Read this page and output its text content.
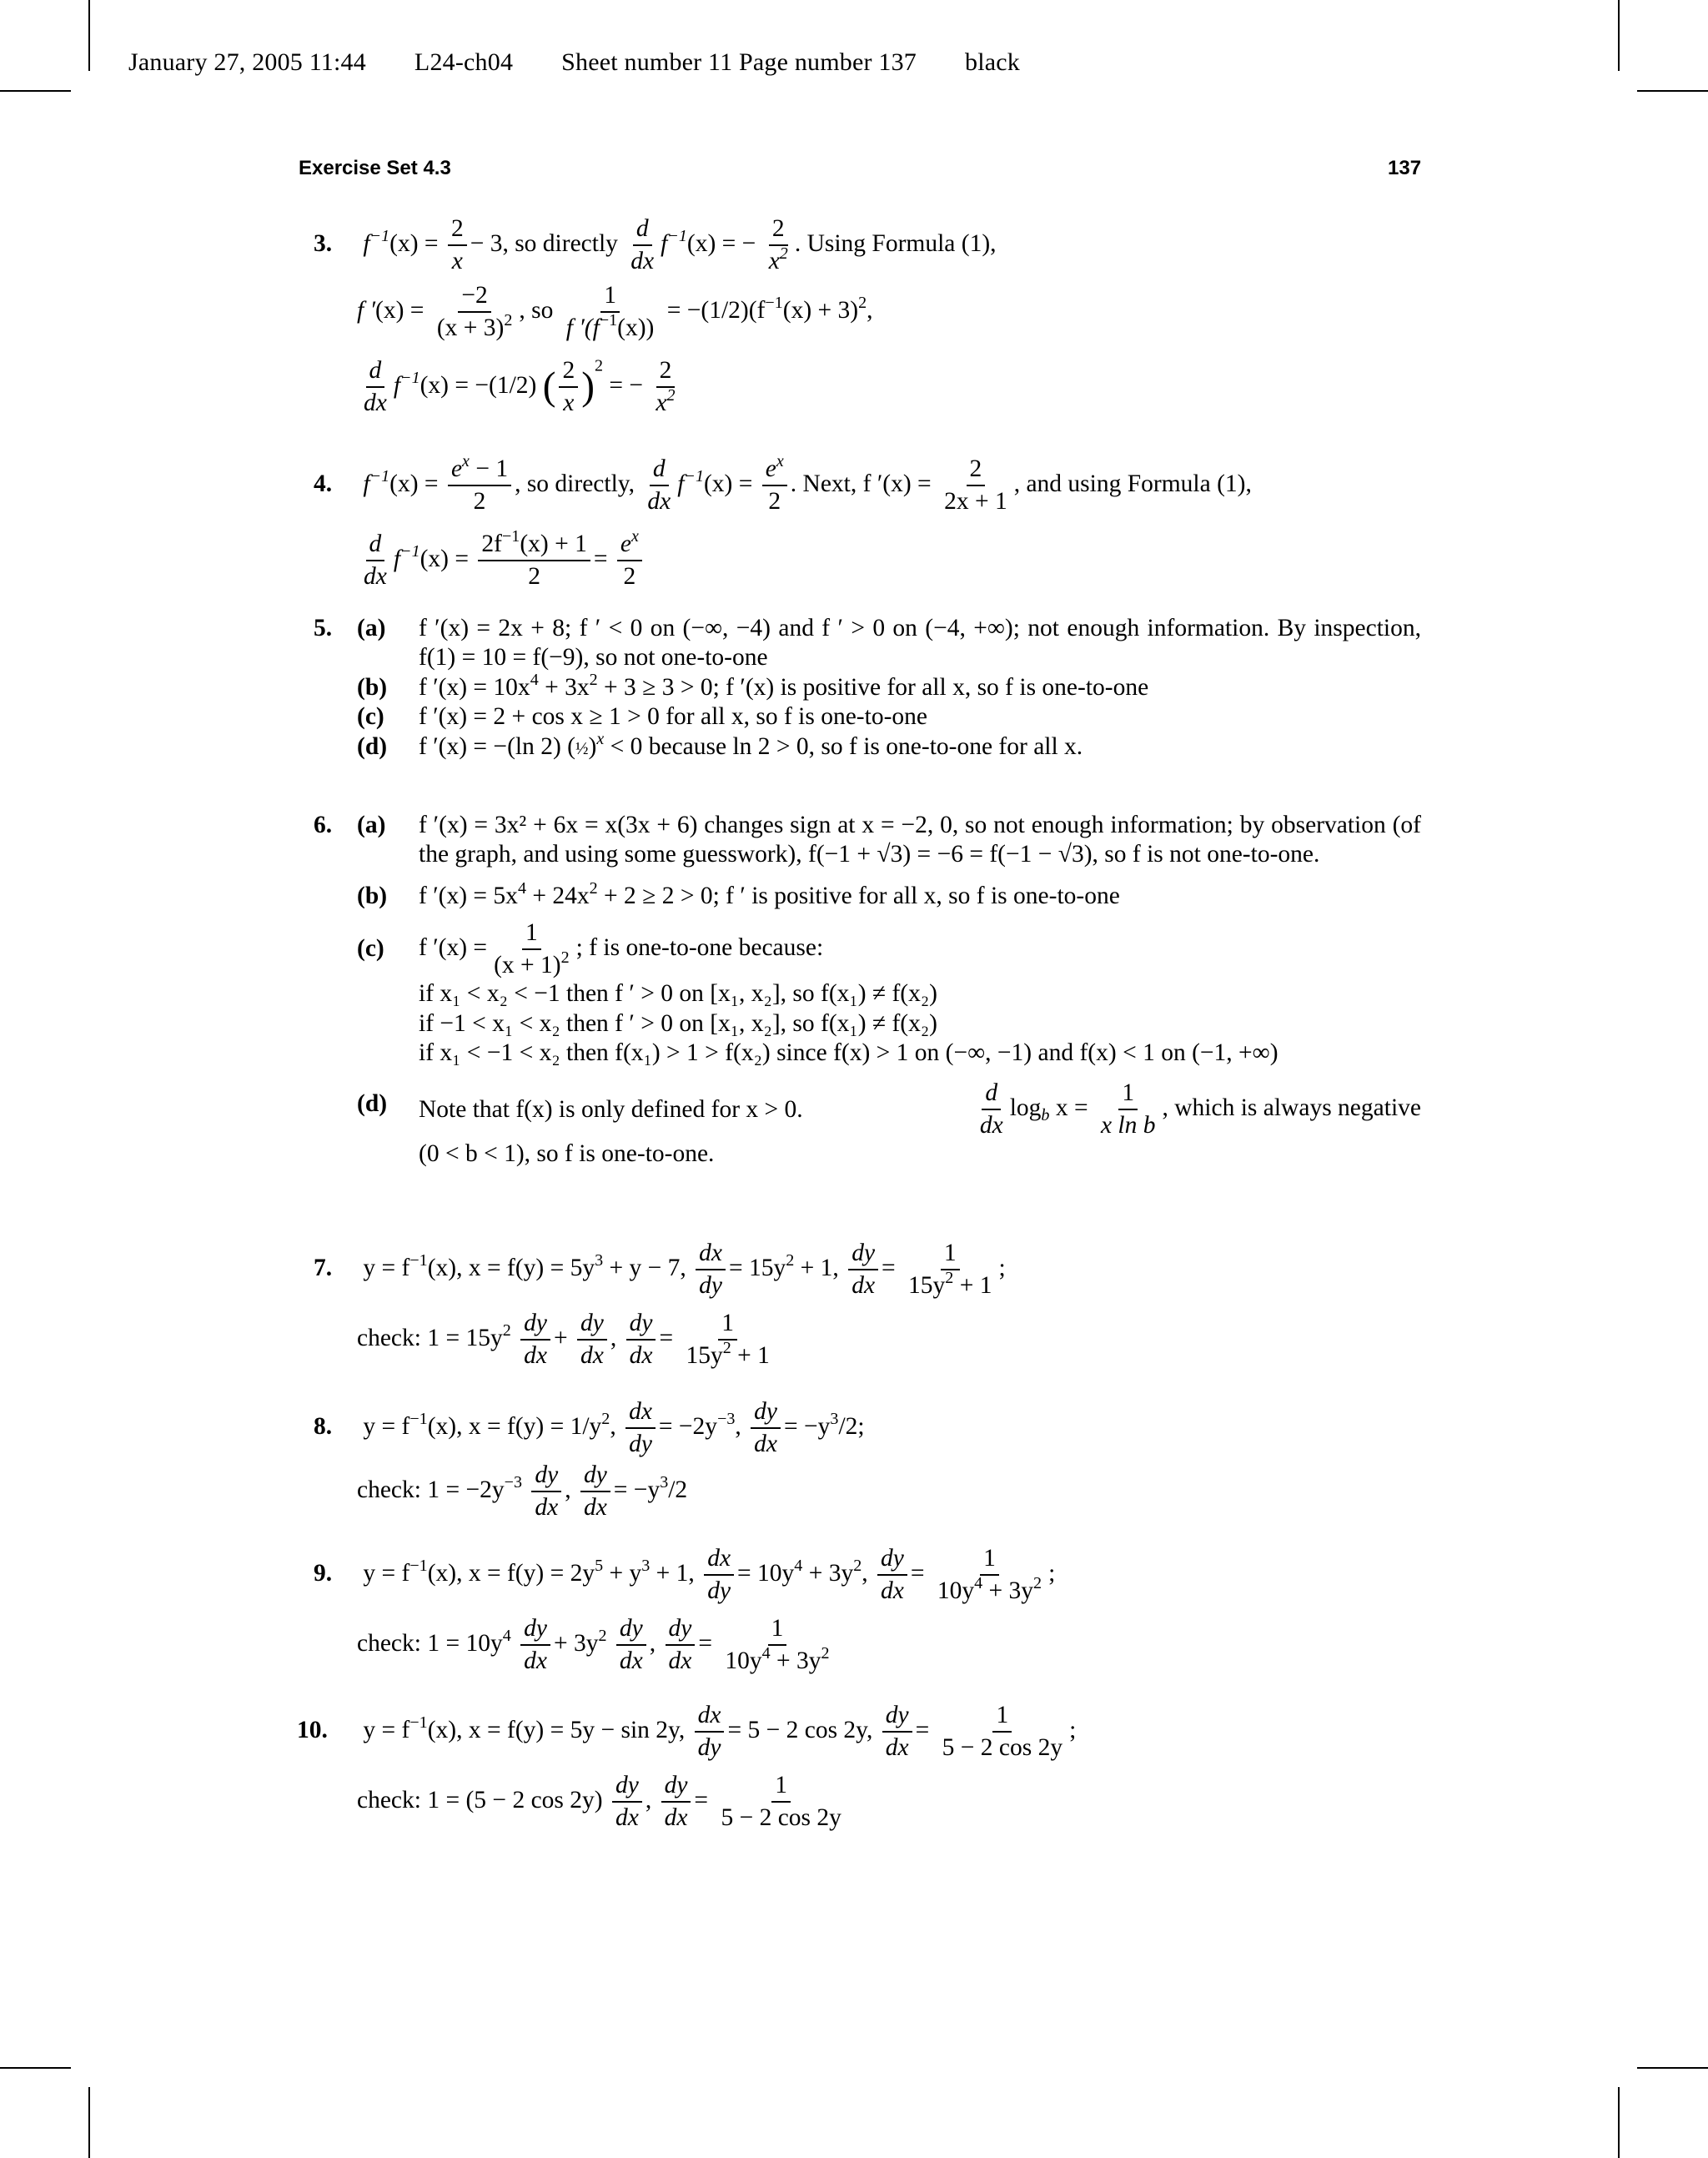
January 27, 2005 11:44 L24-ch04 Sheet number 11 Page number 137 black
Exercise Set 4.3	137
3. $f^{-1}(x) = \frac{2}{x} - 3$, so directly $\frac{d}{dx} f^{-1}(x)$ = − $\frac{2}{x^2}$ . Using Formula (1),
f $'(x) = \frac{-2}{(x + 3)^2}$ , so $\frac{1}{f '(f^{-1}(x))} = -(1/2)(f^{-1}(x) + 3)^2$,
$\frac{d}{dx} f^{-1}(x) = -(1/2)$ ( $\frac{2}{x} )^2$ = − $\frac{2}{x^2}$
4. $f^{-1}(x) = \frac{e^x - 1}{2}$ , so directly, $\frac{d}{dx} f^{-1}(x) = \frac{e^x}{2}$ . Next, f $'(x) = \frac{2}{2x + 1}$ , and using Formula (1),
$\frac{d}{dx} f^{-1}(x) = \frac{2f^{-1}(x) + 1}{2} = \frac{e^x}{2}$
5.	(a)	f ′(x) = 2x + 8; f ′ < 0 on (−∞, −4) and f ′ > 0 on (−4, +∞); not enough information. By inspection, f(1) = 10 = f(−9), so not one-to-one
(b)	f $'(x) = 10x^4 + 3x^2 + 3 \ge 3 > 0$; f ′(x) is positive for all x, so f is one-to-one
(c)	f ′(x) = 2 + cos x ≥ 1 > 0 for all x, so f is one-to-one
(d)	f ′(x) = −(ln 2) (½)$^x$ < 0 because ln 2 > 0, so f is one-to-one for all x.
6.	(a)	f ′(x) = 3x² + 6x = x(3x + 6) changes sign at x = −2, 0, so not enough information; by observation (of the graph, and using some guesswork), f(−1 + √3) = −6 = f(−1 − √3), so f is not one-to-one.
(b)	f $'(x) = 5x^4 + 24x^2 + 2 \ge 2 > 0$; f ′ is positive for all x, so f is one-to-one
(c)	f $'(x) = \frac{1}{(x + 1)^2}$ ; f is one-to-one because:
if x₁ < x₂ < −1 then f ′ > 0 on [x₁, x₂], so f(x₁) ≠ f(x₂)
if −1 < x₁ < x₂ then f ′ > 0 on [x₁, x₂], so f(x₁) ≠ f(x₂)
if x₁ < −1 < x₂ then f(x₁) > 1 > f(x₂) since f(x) > 1 on (−∞, −1) and f(x) < 1 on (−1, +∞)
(d)	Note that f(x) is only defined for x > 0.	$\frac{d}{dx} \log_b x = \frac{1}{\text{x ln b}}$ , which is always negative
(0 < b < 1), so f is one-to-one.
7. $y = f^{-1}(x)$, $x = f(y) = 5y^3 + y - 7$, $\frac{dx}{dy} = 15y^2 + 1$, $\frac{dy}{dx} = \frac{1}{15y^2 + 1}$ ;
check: $1 = 15y^2 \frac{dy}{dx} + \frac{dy}{dx}$ , $\frac{dy}{dx} = \frac{1}{15y^2 + 1}$
8. $y = f^{-1}(x)$, $x = f(y) = 1/y^2$, $\frac{dx}{dy} = -2y^{-3}$, $\frac{dy}{dx} = -y^3/2$;
check: $1 = -2y^{-3} \frac{dy}{dx}$ , $\frac{dy}{dx} = -y^3/2$
9. $y = f^{-1}(x)$, $x = f(y) = 2y^5 + y^3 + 1$, $\frac{dx}{dy} = 10y^4 + 3y^2$, $\frac{dy}{dx} = \frac{1}{10y^4 + 3y^2}$ ;
check: $1 = 10y^4 \frac{dy}{dx} + 3y^2 \frac{dy}{dx}$ , $\frac{dy}{dx} = \frac{1}{10y^4 + 3y^2}$
10. $y = f^{-1}(x)$, x = f(y) = 5y − sin 2y, $\frac{dx}{dy} = 5 - 2$ cos 2y, $\frac{dy}{dx} = \frac{1}{5 - 2 \cos 2y}$ ;
check: 1 = (5 − 2 $\cos 2y) \frac{dy}{dx}$ , $\frac{dy}{dx} = \frac{1}{5 - 2 \cos 2y}$
